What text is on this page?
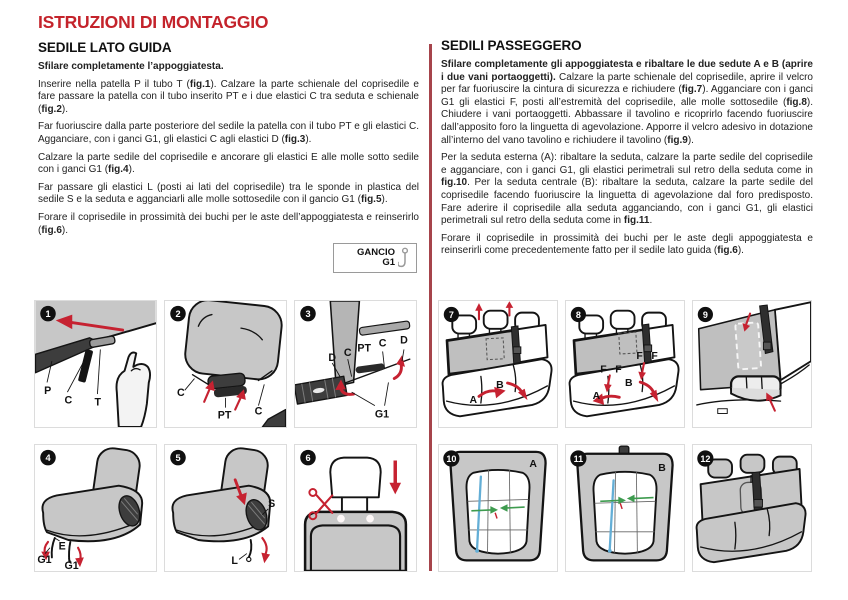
ISTRUZIONI DI MONTAGGIO
SEDILE LATO GUIDA

Sfilare completamente l’appoggiatesta.

Inserire nella patella P il tubo T (fig.1). Calzare la parte schienale del coprisedile e fare passare la patella con il tubo inserito PT e i due elastici C tra seduta e schienale (fig.2).

Far fuoriuscire dalla parte posteriore del sedile la patella con il tubo PT e gli elastici C. Agganciare, con i ganci G1, gli elastici C agli elastici D (fig.3).

Calzare la parte sedile del coprisedile e ancorare gli elastici E alle molle sotto sedile con i ganci G1 (fig.4).

Far passare gli elastici L (posti ai lati del coprisedile) tra le sponde in plastica del sedile S e la seduta e agganciarli alle molle sottosedile con il gancio G1 (fig.5).

Forare il coprisedile in prossimità dei buchi per le aste dell’appoggiatesta e reinserirlo (fig.6).

GANCIO
G1
SEDILI PASSEGGERO

Sfilare completamente gli appoggiatesta e ribaltare le due sedute A e B (aprire i due vani portaoggetti). Calzare la parte schienale del coprisedile, aprire il velcro per far fuoriuscire la cintura di sicurezza e richiudere (fig.7). Agganciare con i ganci G1 gli elastici F, posti all’estremità del coprisedile, alle molle sottosedile (fig.8). Chiudere i vani portaoggetti. Abbassare il tavolino e ricoprirlo facendo fuoriuscire dall’apposito foro la linguetta di agevolazione. Apporre il velcro adesivo in dotazione all’interno del vano tavolino e richiudere il tavolino (fig.9).

Per la seduta esterna (A): ribaltare la seduta, calzare la parte sedile del coprisedile e agganciare, con i ganci G1, gli elastici perimetrali sul retro della seduta come in fig.10. Per la seduta centrale (B): ribaltare la seduta, calzare la parte sedile del coprisedile facendo fuoriuscire la linguetta di agevolazione dal foro predisposto. Fare aderire il coprisedile alla seduta agganciando, con i ganci G1, gli elastici perimetrali sul retro della seduta come in fig.11.

Forare il coprisedile in prossimità dei buchi per le aste degli appoggiatesta e reinserirli come precedentemente fatto per il sedile lato guida (fig.6).

P
C T
1
C
PT C
2
D C PT C D
G1
3
G1
E
G1
4
S
L
5	6
A
B
7
F F
F F
A
B
8	9
A
10
B
11	12
